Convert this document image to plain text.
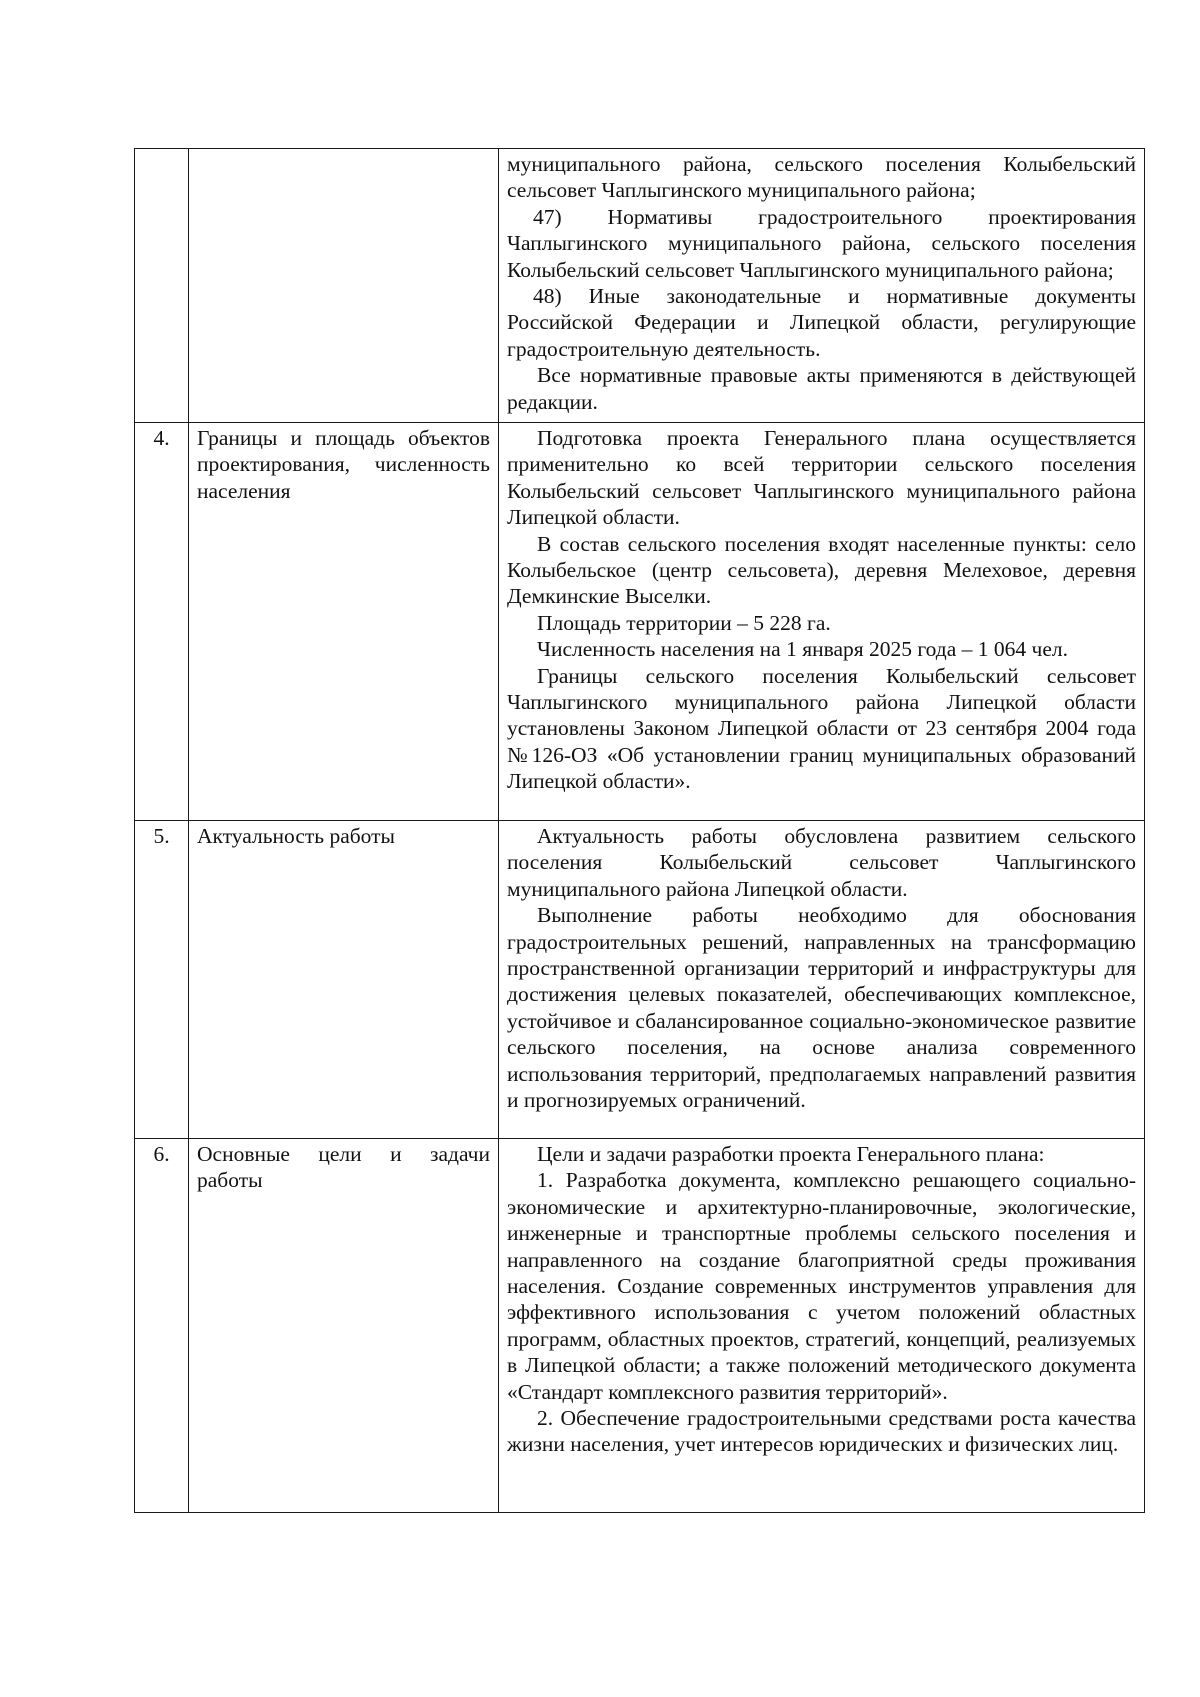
		муниципального района, сельского поселения Колыбельский сельсовет Чаплыгинского муниципального района;

47) Нормативы градостроительного проектирования Чаплыгинского муниципального района, сельского поселения Колыбельский сельсовет Чаплыгинского муниципального района;

48) Иные законодательные и нормативные документы Российской Федерации и Липецкой области, регулирующие градостроительную деятельность.

Все нормативные правовые акты применяются в действующей редакции.

4.	Границы и площадь объектов проектирования, численность населения	Подготовка проекта Генерального плана осуществляется применительно ко всей территории сельского поселения Колыбельский сельсовет Чаплыгинского муниципального района Липецкой области.

В состав сельского поселения входят населенные пункты: село Колыбельское (центр сельсовета), деревня Мелеховое, деревня Демкинские Выселки.

Площадь территории – 5 228 га.

Численность населения на 1 января 2025 года – 1 064 чел.

Границы сельского поселения Колыбельский сельсовет Чаплыгинского муниципального района Липецкой области установлены Законом Липецкой области от 23 сентября 2004 года №126-ОЗ «Об установлении границ муниципальных образований Липецкой области».

5.	Актуальность работы	Актуальность работы обусловлена развитием сельского поселения Колыбельский сельсовет Чаплыгинского муниципального района Липецкой области.

Выполнение работы необходимо для обоснования градостроительных решений, направленных на трансформацию пространственной организации территорий и инфраструктуры для достижения целевых показателей, обеспечивающих комплексное, устойчивое и сбалансированное социально-экономическое развитие сельского поселения, на основе анализа современного использования территорий, предполагаемых направлений развития и прогнозируемых ограничений.

6.	Основные цели и задачи работы	Цели и задачи разработки проекта Генерального плана:

1. Разработка документа, комплексно решающего социально-экономические и архитектурно-планировочные, экологические, инженерные и транспортные проблемы сельского поселения и направленного на создание благоприятной среды проживания населения. Создание современных инструментов управления для эффективного использования с учетом положений областных программ, областных проектов, стратегий, концепций, реализуемых в Липецкой области; а также положений методического документа «Стандарт комплексного развития территорий».

2. Обеспечение градостроительными средствами роста качества жизни населения, учет интересов юридических и физических лиц.
